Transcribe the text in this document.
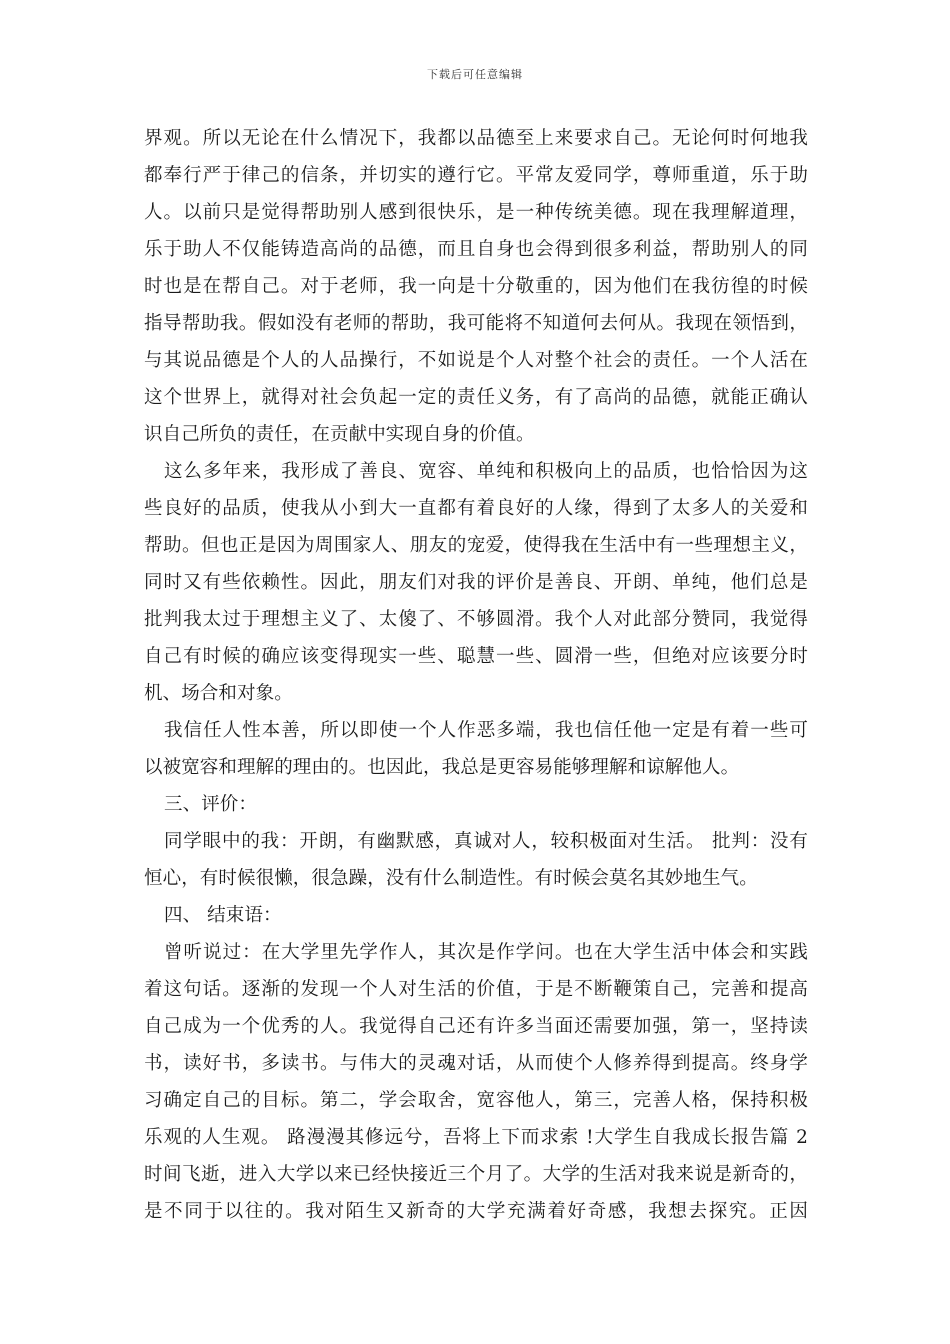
下载后可任意编辑
界观。所以无论在什么情况下，我都以品德至上来要求自己。无论何时何地我
都奉行严于律己的信条，并切实的遵行它。平常友爱同学，尊师重道，乐于助
人。以前只是觉得帮助别人感到很快乐，是一种传统美德。现在我理解道理，
乐于助人不仅能铸造高尚的品德，而且自身也会得到很多利益，帮助别人的同
时也是在帮自己。对于老师，我一向是十分敬重的，因为他们在我彷徨的时候
指导帮助我。假如没有老师的帮助，我可能将不知道何去何从。我现在领悟到，
与其说品德是个人的人品操行，不如说是个人对整个社会的责任。一个人活在
这个世界上，就得对社会负起一定的责任义务，有了高尚的品德，就能正确认
识自己所负的责任，在贡献中实现自身的价值。
这么多年来，我形成了善良、宽容、单纯和积极向上的品质，也恰恰因为这
些良好的品质，使我从小到大一直都有着良好的人缘，得到了太多人的关爱和
帮助。但也正是因为周围家人、朋友的宠爱，使得我在生活中有一些理想主义，
同时又有些依赖性。因此，朋友们对我的评价是善良、开朗、单纯，他们总是
批判我太过于理想主义了、太傻了、不够圆滑。我个人对此部分赞同，我觉得
自己有时候的确应该变得现实一些、聪慧一些、圆滑一些，但绝对应该要分时
机、场合和对象。
我信任人性本善，所以即使一个人作恶多端，我也信任他一定是有着一些可
以被宽容和理解的理由的。也因此，我总是更容易能够理解和谅解他人。
三、评价：
同学眼中的我：开朗，有幽默感，真诚对人，较积极面对生活。 批判：没有
恒心，有时候很懒，很急躁，没有什么制造性。有时候会莫名其妙地生气。
四、 结束语：
曾听说过：在大学里先学作人，其次是作学问。也在大学生活中体会和实践
着这句话。逐渐的发现一个人对生活的价值，于是不断鞭策自己，完善和提高
自己成为一个优秀的人。我觉得自己还有许多当面还需要加强，第一，坚持读
书，读好书，多读书。与伟大的灵魂对话，从而使个人修养得到提高。终身学
习确定自己的目标。第二，学会取舍，宽容他人，第三，完善人格，保持积极
乐观的人生观。 路漫漫其修远兮，吾将上下而求索 !大学生自我成长报告篇 2
时间飞逝，进入大学以来已经快接近三个月了。大学的生活对我来说是新奇的，
是不同于以往的。我对陌生又新奇的大学充满着好奇感，我想去探究。正因
